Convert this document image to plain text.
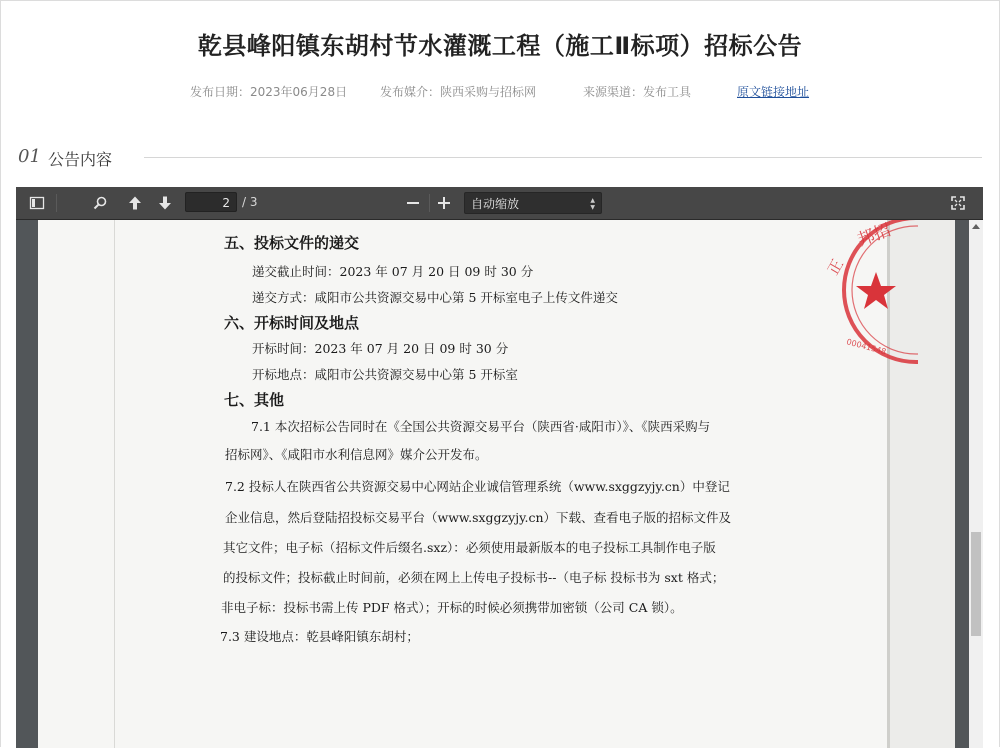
乾县峰阳镇东胡村节水灌溉工程（施工Ⅱ标项）招标公告
发布日期：2023年06月28日	发布媒介：陕西采购与招标网	来源渠道：发布工具	原文链接地址
01 公告内容
2	/ 3	自动缩放	▲
▼
邦招
正
00041548
五、投标文件的递交
递交截止时间：2023 年 07 月 20 日 09 时 30 分
递交方式：咸阳市公共资源交易中心第 5 开标室电子上传文件递交
六、开标时间及地点
开标时间：2023 年 07 月 20 日 09 时 30 分
开标地点：咸阳市公共资源交易中心第 5 开标室
七、其他
7.1 本次招标公告同时在《全国公共资源交易平台（陕西省·咸阳市）》、《陕西采购与
招标网》、《咸阳市水利信息网》媒介公开发布。
7.2 投标人在陕西省公共资源交易中心网站企业诚信管理系统（www.sxggzyjy.cn）中登记
企业信息，然后登陆招投标交易平台（www.sxggzyjy.cn）下载、查看电子版的招标文件及
其它文件；电子标（招标文件后缀名.sxz）：必须使用最新版本的电子投标工具制作电子版
的投标文件；投标截止时间前，必须在网上上传电子投标书--（电子标 投标书为 sxt 格式；
非电子标：投标书需上传 PDF 格式）；开标的时候必须携带加密锁（公司 CA 锁）。
7.3 建设地点：乾县峰阳镇东胡村；
